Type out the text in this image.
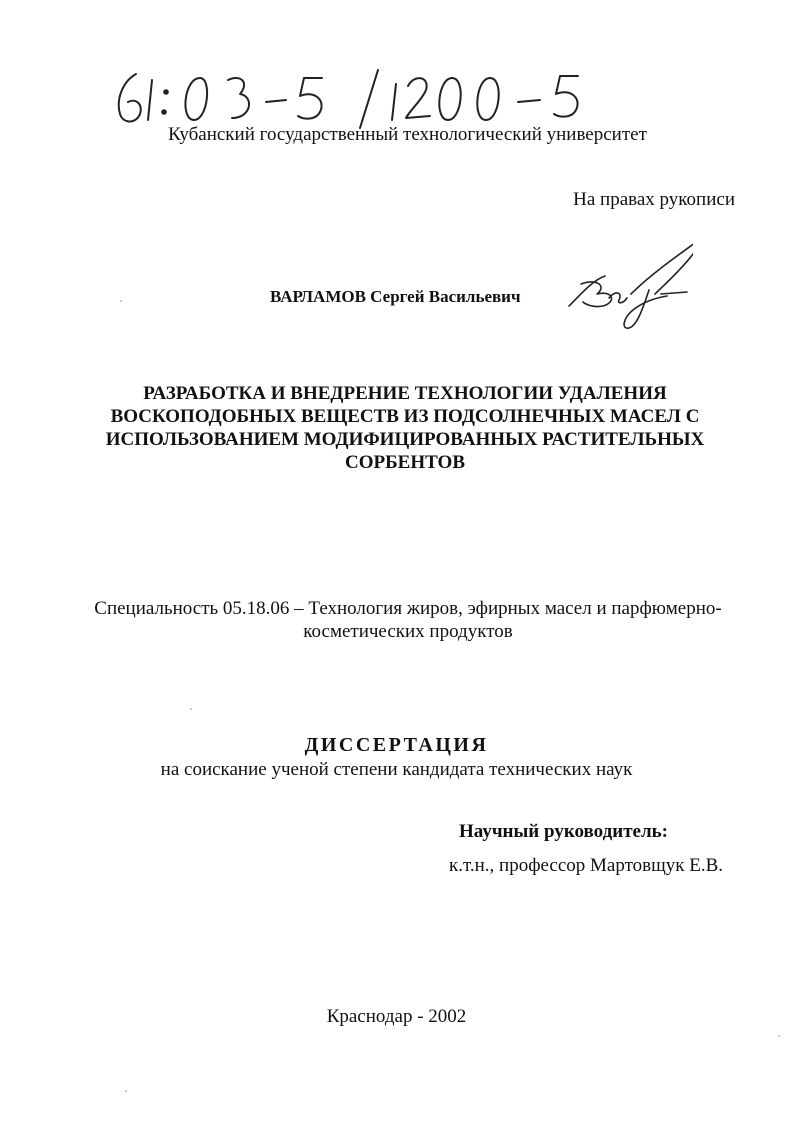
Кубанский государственный технологический университет
На правах рукописи
ВАРЛАМОВ Сергей Васильевич
РАЗРАБОТКА И ВНЕДРЕНИЕ ТЕХНОЛОГИИ УДАЛЕНИЯ ВОСКОПОДОБНЫХ ВЕЩЕСТВ ИЗ ПОДСОЛНЕЧНЫХ МАСЕЛ С ИСПОЛЬЗОВАНИЕМ МОДИФИЦИРОВАННЫХ РАСТИТЕЛЬНЫХ СОРБЕНТОВ
Специальность 05.18.06 – Технология жиров, эфирных масел и парфюмерно-косметических продуктов
ДИССЕРТАЦИЯ
на соискание ученой степени кандидата технических наук
Научный руководитель:
к.т.н., профессор Мартовщук Е.В.
Краснодар - 2002
